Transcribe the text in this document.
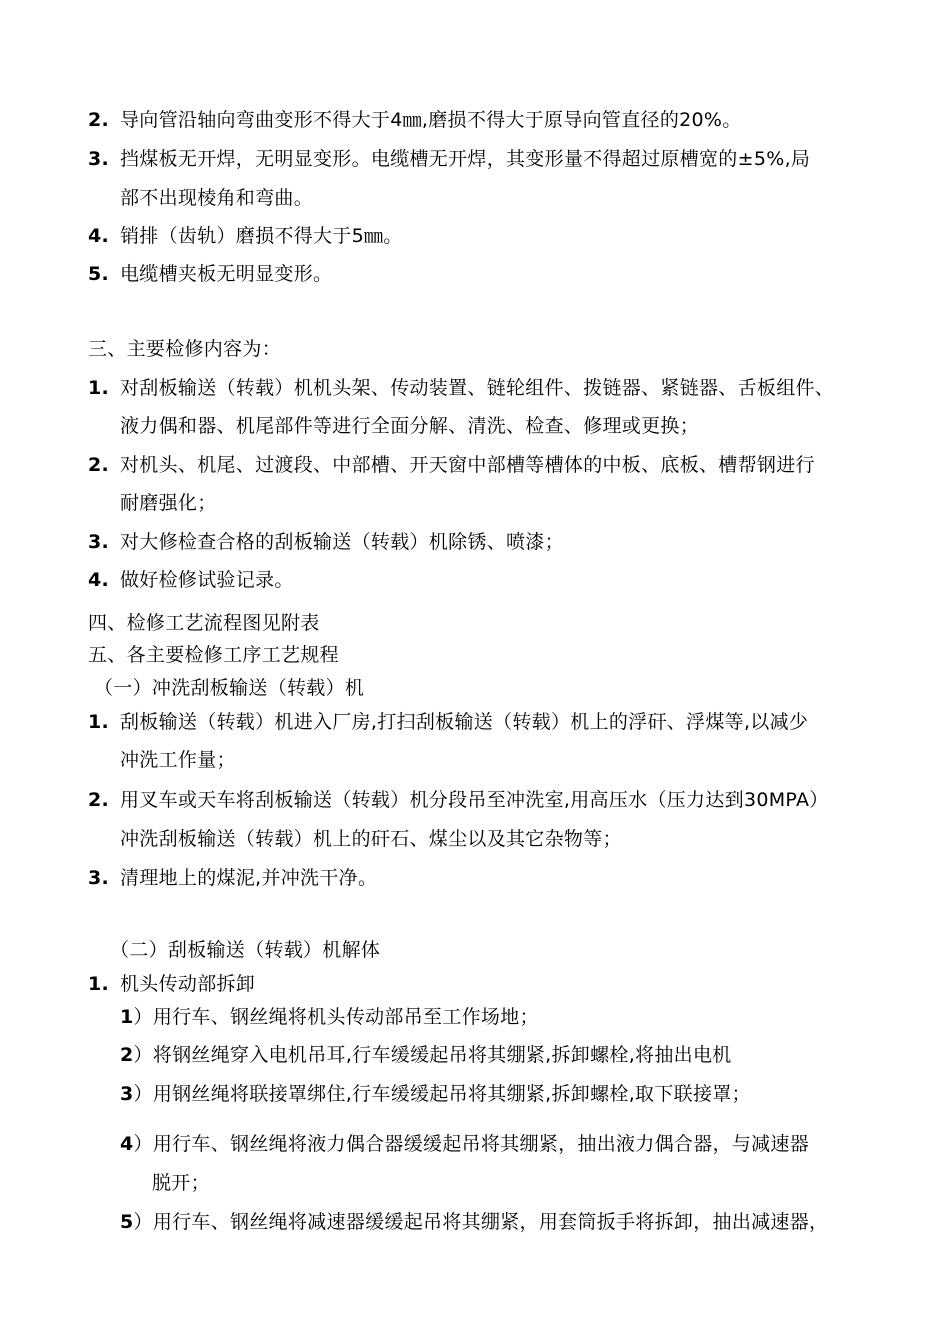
2. 导向管沿轴向弯曲变形不得大于4㎜,磨损不得大于原导向管直径的20%。
3. 挡煤板无开焊，无明显变形。电缆槽无开焊，其变形量不得超过原槽宽的±5%,局
部不出现棱角和弯曲。
4. 销排（齿轨）磨损不得大于5㎜。
5. 电缆槽夹板无明显变形。
三、主要检修内容为：
1. 对刮板输送（转载）机机头架、传动装置、链轮组件、拨链器、紧链器、舌板组件、
液力偶和器、机尾部件等进行全面分解、清洗、检查、修理或更换；
2. 对机头、机尾、过渡段、中部槽、开天窗中部槽等槽体的中板、底板、槽帮钢进行
耐磨强化；
3. 对大修检查合格的刮板输送（转载）机除锈、喷漆；
4. 做好检修试验记录。
四、检修工艺流程图见附表
五、各主要检修工序工艺规程
（一）冲洗刮板输送（转载）机
1. 刮板输送（转载）机进入厂房,打扫刮板输送（转载）机上的浮矸、浮煤等,以减少
冲洗工作量；
2. 用叉车或天车将刮板输送（转载）机分段吊至冲洗室,用高压水（压力达到30MPA）
冲洗刮板输送（转载）机上的矸石、煤尘以及其它杂物等；
3. 清理地上的煤泥,并冲洗干净。
（二）刮板输送（转载）机解体
1. 机头传动部拆卸
1）用行车、钢丝绳将机头传动部吊至工作场地；
2）将钢丝绳穿入电机吊耳,行车缓缓起吊将其绷紧,拆卸螺栓,将抽出电机
3）用钢丝绳将联接罩绑住,行车缓缓起吊将其绷紧,拆卸螺栓,取下联接罩；
4）用行车、钢丝绳将液力偶合器缓缓起吊将其绷紧，抽出液力偶合器，与减速器
脱开；
5）用行车、钢丝绳将减速器缓缓起吊将其绷紧，用套筒扳手将拆卸，抽出减速器，
